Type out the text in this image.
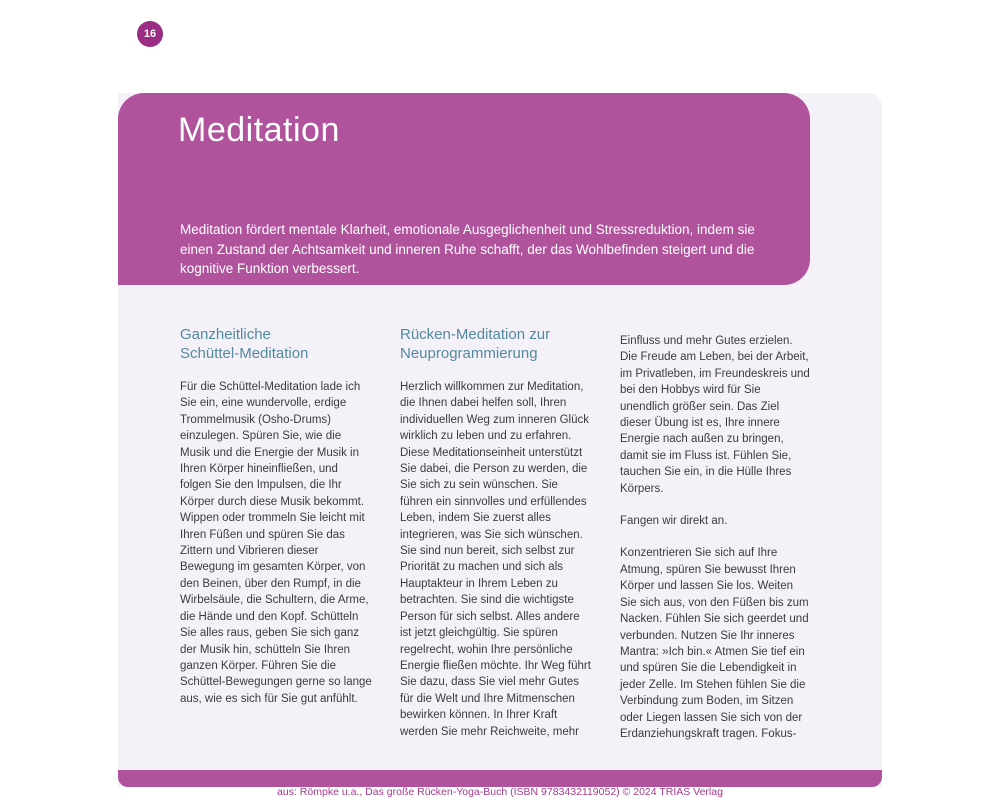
16
Meditation

Meditation fördert mentale Klarheit, emotionale Ausgeglichenheit und Stressreduktion, indem sie einen Zustand der Achtsamkeit und inneren Ruhe schafft, der das Wohlbefinden steigert und die kognitive Funktion verbessert.

Ganzheitliche
Schüttel-Meditation

Für die Schüttel-Meditation lade ich Sie ein, eine wundervolle, erdige Trommelmusik (Osho-Drums) einzulegen. Spüren Sie, wie die Musik und die Energie der Musik in Ihren Körper hineinfließen, und folgen Sie den Impulsen, die Ihr Körper durch diese Musik bekommt. Wippen oder trommeln Sie leicht mit Ihren Füßen und spüren Sie das Zittern und Vibrieren dieser Bewegung im gesamten Körper, von den Beinen, über den Rumpf, in die Wirbelsäule, die Schultern, die Arme, die Hände und den Kopf. Schütteln Sie alles raus, geben Sie sich ganz der Musik hin, schütteln Sie Ihren ganzen Körper. Führen Sie die Schüttel-Bewegungen gerne so lange aus, wie es sich für Sie gut anfühlt.

Rücken-Meditation zur
Neuprogrammierung

Herzlich willkommen zur Meditation, die Ihnen dabei helfen soll, Ihren individuellen Weg zum inneren Glück wirklich zu leben und zu erfahren. Diese Meditationseinheit unterstützt Sie dabei, die Person zu werden, die Sie sich zu sein wünschen. Sie führen ein sinnvolles und erfüllendes Leben, indem Sie zuerst alles integrieren, was Sie sich wünschen. Sie sind nun bereit, sich selbst zur Priorität zu machen und sich als Hauptakteur in Ihrem Leben zu betrachten. Sie sind die wichtigste Person für sich selbst. Alles andere ist jetzt gleichgültig. Sie spüren regelrecht, wohin Ihre persönliche Energie fließen möchte. Ihr Weg führt Sie dazu, dass Sie viel mehr Gutes für die Welt und Ihre Mitmenschen bewirken können. In Ihrer Kraft werden Sie mehr Reichweite, mehr

Einfluss und mehr Gutes erzielen. Die Freude am Leben, bei der Arbeit, im Privatleben, im Freundeskreis und bei den Hobbys wird für Sie unendlich größer sein. Das Ziel dieser Übung ist es, Ihre innere Energie nach außen zu bringen, damit sie im Fluss ist. Fühlen Sie, tauchen Sie ein, in die Hülle Ihres Körpers.

Fangen wir direkt an.

Konzentrieren Sie sich auf Ihre Atmung, spüren Sie bewusst Ihren Körper und lassen Sie los. Weiten Sie sich aus, von den Füßen bis zum Nacken. Fühlen Sie sich geerdet und verbunden. Nutzen Sie Ihr inneres Mantra: »Ich bin.« Atmen Sie tief ein und spüren Sie die Lebendigkeit in jeder Zelle. Im Stehen fühlen Sie die Verbindung zum Boden, im Sitzen oder Liegen lassen Sie sich von der Erdanziehungskraft tragen. Fokus-

aus: Römpke u.a., Das große Rücken-Yoga-Buch (ISBN 9783432119052) © 2024 TRIAS Verlag
